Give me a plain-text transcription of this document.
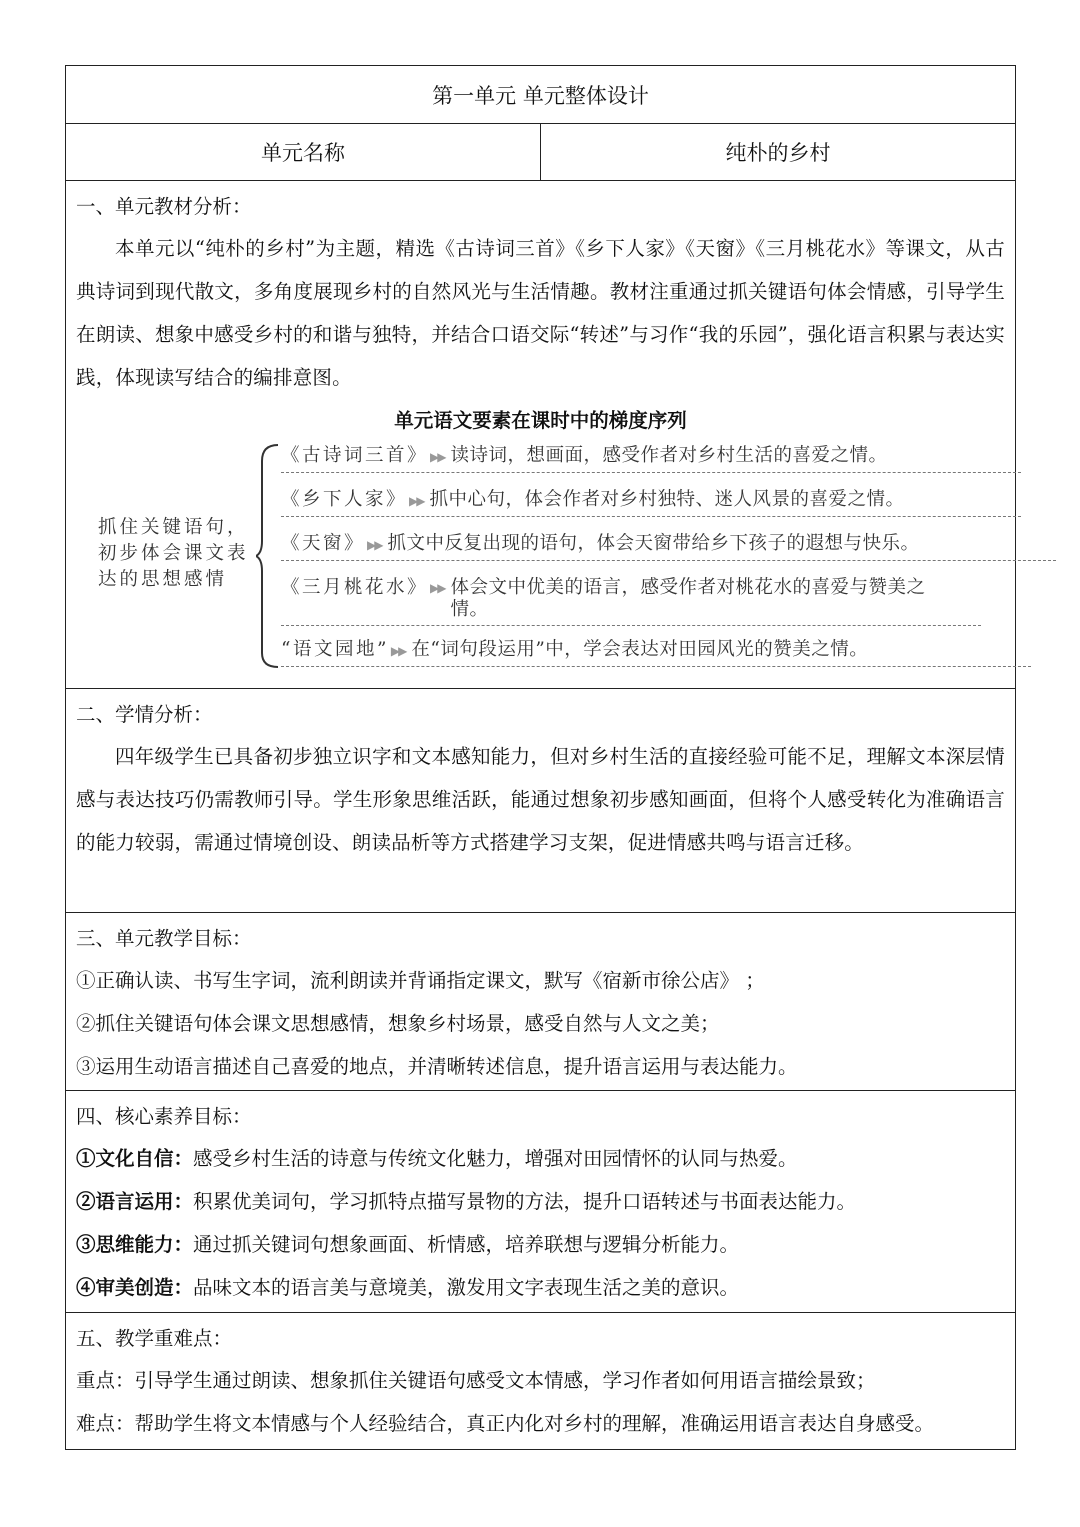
第一单元 单元整体设计
单元名称	纯朴的乡村
一、单元教材分析：
本单元以“纯朴的乡村”为主题，精选《古诗词三首》《乡下人家》《天窗》《三月桃花水》等课文，从古典诗词到现代散文，多角度展现乡村的自然风光与生活情趣。教材注重通过抓关键语句体会情感，引导学生在朗读、想象中感受乡村的和谐与独特，并结合口语交际“转述”与习作“我的乐园”，强化语言积累与表达实践，体现读写结合的编排意图。
单元语文要素在课时中的梯度序列
抓住关键语句，初步体会课文表达的思想感情
《古诗词三首》 ▶▶ 读诗词，想画面，感受作者对乡村生活的喜爱之情。
《乡下人家》 ▶▶ 抓中心句，体会作者对乡村独特、迷人风景的喜爱之情。
《天窗》 ▶▶ 抓文中反复出现的语句，体会天窗带给乡下孩子的遐想与快乐。
《三月桃花水》 ▶▶ 体会文中优美的语言，感受作者对桃花水的喜爱与赞美之情。
“语文园地” ▶▶ 在“词句段运用”中，学会表达对田园风光的赞美之情。
二、学情分析：
四年级学生已具备初步独立识字和文本感知能力，但对乡村生活的直接经验可能不足，理解文本深层情感与表达技巧仍需教师引导。学生形象思维活跃，能通过想象初步感知画面，但将个人感受转化为准确语言的能力较弱，需通过情境创设、朗读品析等方式搭建学习支架，促进情感共鸣与语言迁移。
三、单元教学目标：
①正确认读、书写生字词，流利朗读并背诵指定课文，默写《宿新市徐公店》 ；
②抓住关键语句体会课文思想感情，想象乡村场景，感受自然与人文之美；
③运用生动语言描述自己喜爱的地点，并清晰转述信息，提升语言运用与表达能力。
四、核心素养目标：
①文化自信：感受乡村生活的诗意与传统文化魅力，增强对田园情怀的认同与热爱。
②语言运用：积累优美词句，学习抓特点描写景物的方法，提升口语转述与书面表达能力。
③思维能力：通过抓关键词句想象画面、析情感，培养联想与逻辑分析能力。
④审美创造：品味文本的语言美与意境美，激发用文字表现生活之美的意识。
五、教学重难点：
重点：引导学生通过朗读、想象抓住关键语句感受文本情感，学习作者如何用语言描绘景致；
难点：帮助学生将文本情感与个人经验结合，真正内化对乡村的理解，准确运用语言表达自身感受。
